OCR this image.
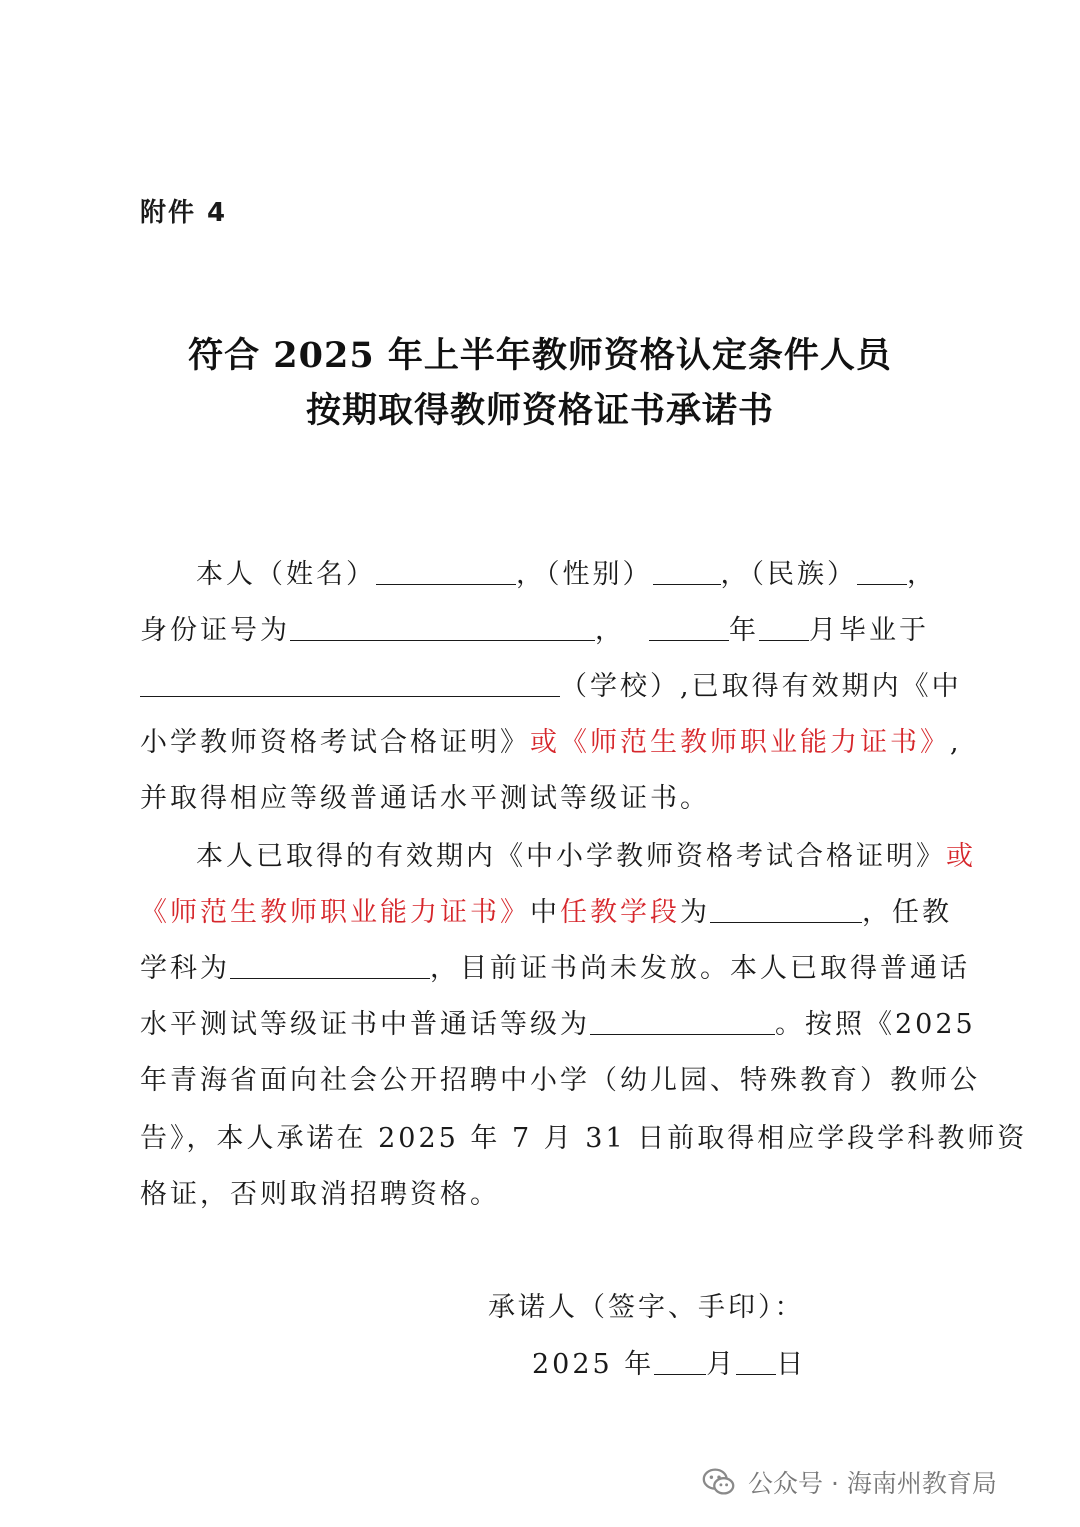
附件 4
符合 2025 年上半年教师资格认定条件人员
按期取得教师资格证书承诺书
本人（姓名）	，（性别）	，（民族） ，
身份证号为	，	年 月毕业于
（学校）,已取得有效期内《中
小学教师资格考试合格证明》或《师范生教师职业能力证书》,
并取得相应等级普通话水平测试等级证书。
本人已取得的有效期内《中小学教师资格考试合格证明》或
《师范生教师职业能力证书》中任教学段为	，任教
学科为	，目前证书尚未发放。本人已取得普通话
水平测试等级证书中普通话等级为	。按照《2025
年青海省面向社会公开招聘中小学（幼儿园、特殊教育）教师公
告》，本人承诺在 2025 年 7 月 31 日前取得相应学段学科教师资
格证，否则取消招聘资格。
承诺人（签字、手印）：
2025 年 月 日
公众号 · 海南州教育局
